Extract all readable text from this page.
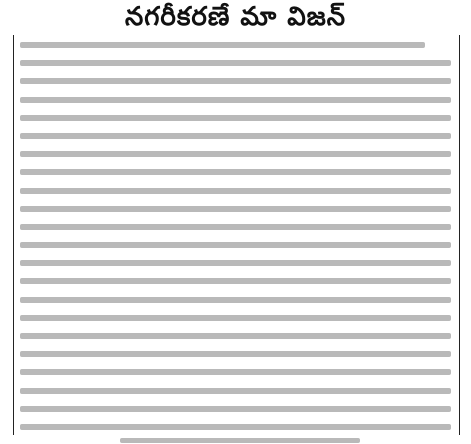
నగరీకరణే మా విజన్
